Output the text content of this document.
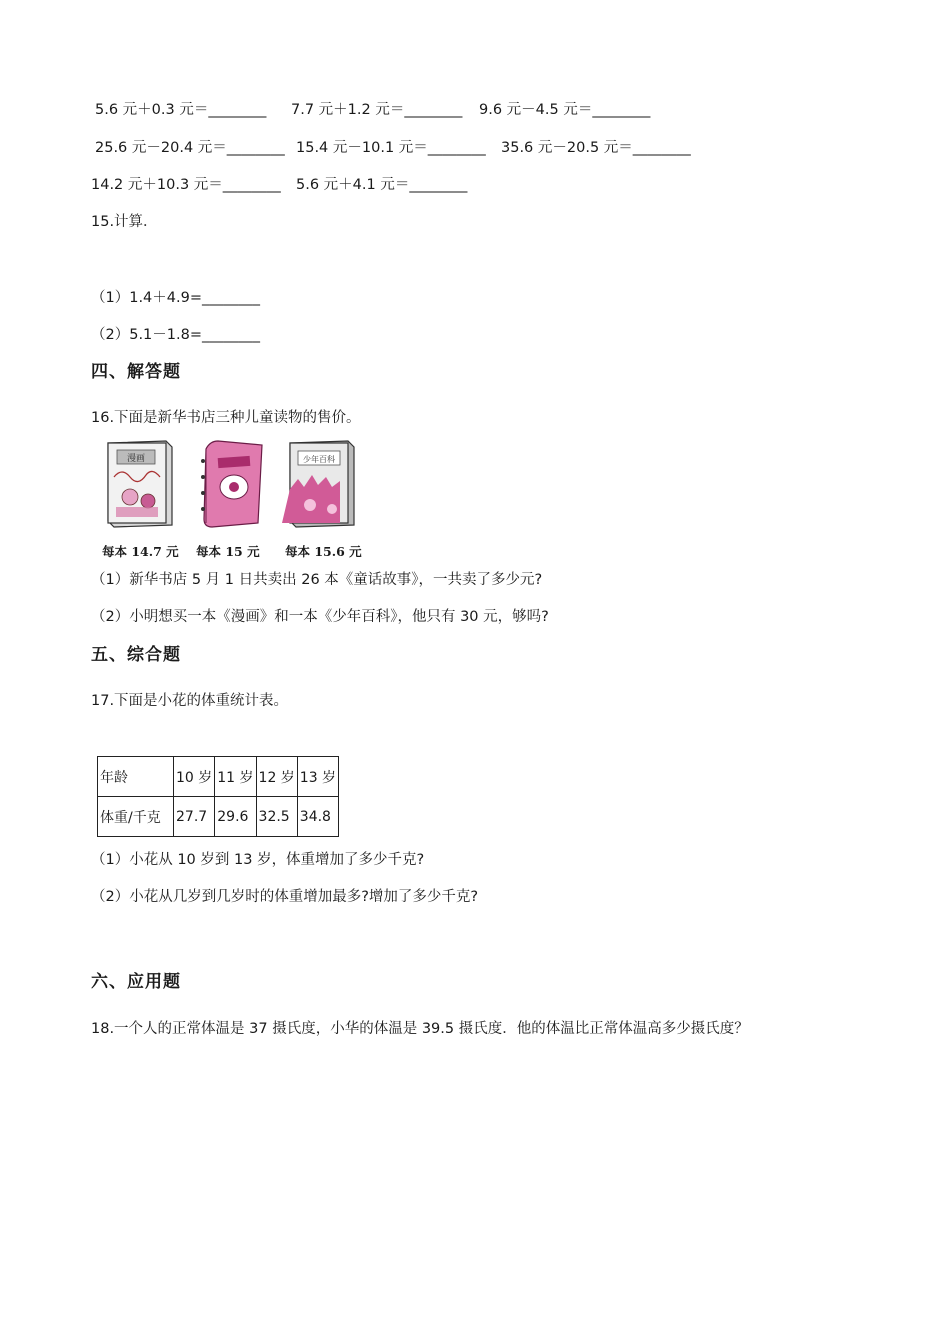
5.6 元＋0.3 元＝________ 7.7 元＋1.2 元＝________ 9.6 元－4.5 元＝________
25.6 元－20.4 元＝________ 15.4 元－10.1 元＝________ 35.6 元－20.5 元＝________
14.2 元＋10.3 元＝________ 5.6 元＋4.1 元＝________
15.计算．
（1）1.4＋4.9=________
（2）5.1－1.8=________
四、解答题
16.下面是新华书店三种儿童读物的售价。
漫画	少年百科
每本 14.7 元 每本 15 元 每本 15.6 元
（1）新华书店 5 月 1 日共卖出 26 本《童话故事》，一共卖了多少元?
（2）小明想买一本《漫画》和一本《少年百科》，他只有 30 元，够吗?
五、综合题
17.下面是小花的体重统计表。
年龄	10 岁	11 岁	12 岁	13 岁
体重/千克	27.7	29.6	32.5	34.8
（1）小花从 10 岁到 13 岁，体重增加了多少千克?
（2）小花从几岁到几岁时的体重增加最多?增加了多少千克?
六、应用题
18.一个人的正常体温是 37 摄氏度，小华的体温是 39.5 摄氏度．他的体温比正常体温高多少摄氏度？
